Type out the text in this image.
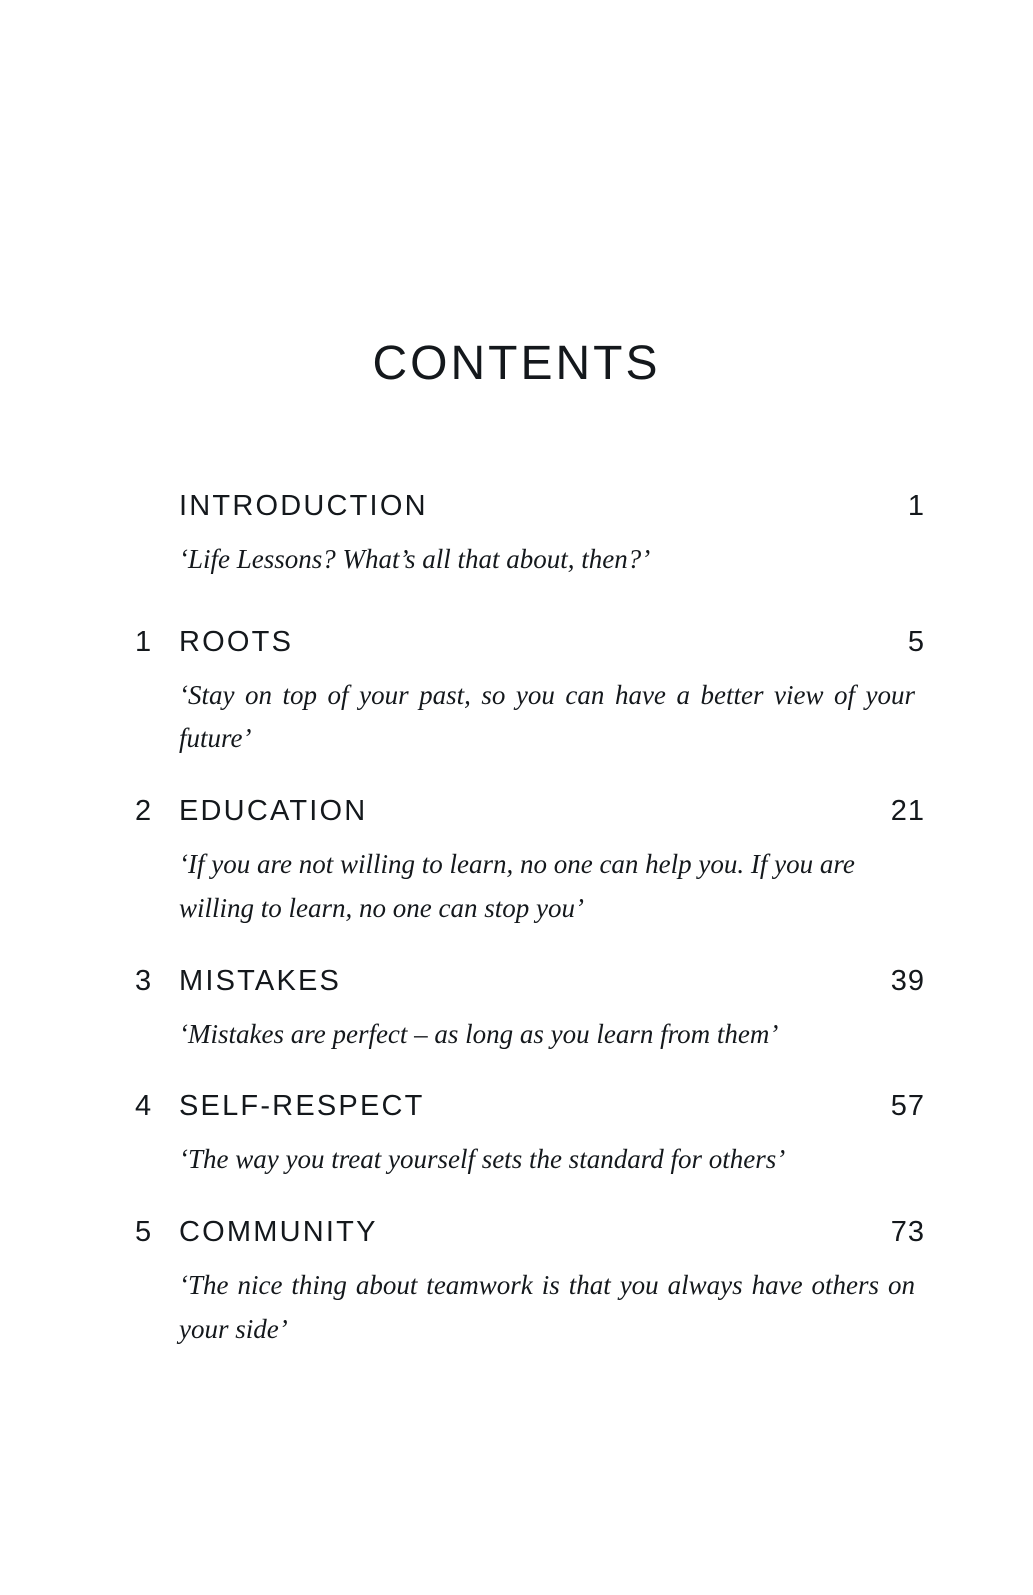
CONTENTS
INTRODUCTION	1
‘Life Lessons? What’s all that about, then?’
1 ROOTS	5
‘Stay on top of your past, so you can have a better view of your future’
2 EDUCATION	21
‘If you are not willing to learn, no one can help you. If you are willing to learn, no one can stop you’
3 MISTAKES	39
‘Mistakes are perfect – as long as you learn from them’
4 SELF-RESPECT	57
‘The way you treat yourself sets the standard for others’
5 COMMUNITY	73
‘The nice thing about teamwork is that you always have others on your side’
